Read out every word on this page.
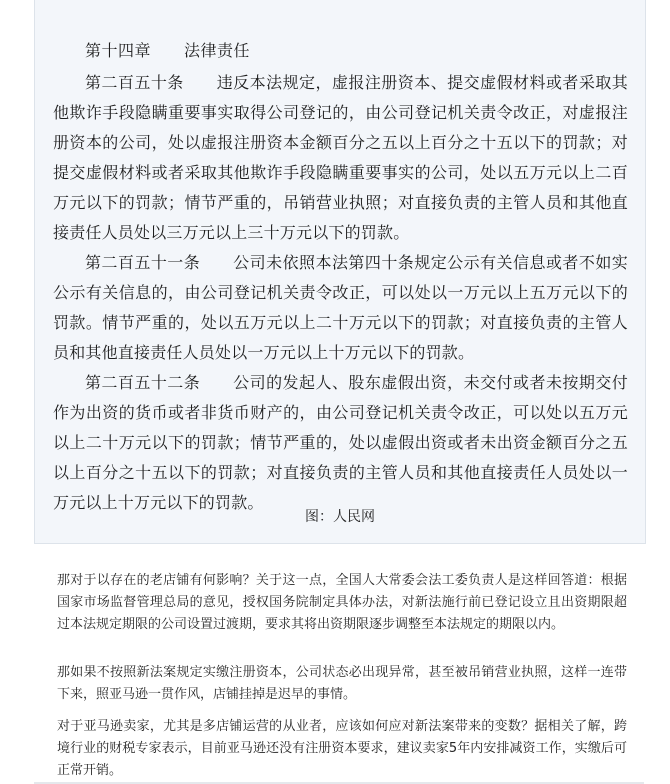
第十四章　　法律责任
第二百五十条　　 违反本法规定，虚报注册资本、提交虚假材料或者采取其他欺诈手段隐瞒重要事实取得公司登记的，由公司登记机关责令改正，对虚报注册资本的公司，处以虚报注册资本金额百分之五以上百分之十五以下的罚款；对提交虚假材料或者采取其他欺诈手段隐瞒重要事实的公司，处以五万元以上二百万元以下的罚款；情节严重的，吊销营业执照；对直接负责的主管人员和其他直接责任人员处以三万元以上三十万元以下的罚款。
第二百五十一条　　 公司未依照本法第四十条规定公示有关信息或者不如实公示有关信息的，由公司登记机关责令改正，可以处以一万元以上五万元以下的罚款。情节严重的，处以五万元以上二十万元以下的罚款；对直接负责的主管人员和其他直接责任人员处以一万元以上十万元以下的罚款。
第二百五十二条　　 公司的发起人、股东虚假出资，未交付或者未按期交付作为出资的货币或者非货币财产的，由公司登记机关责令改正，可以处以五万元以上二十万元以下的罚款；情节严重的，处以虚假出资或者未出资金额百分之五以上百分之十五以下的罚款；对直接负责的主管人员和其他直接责任人员处以一万元以上十万元以下的罚款。
图：人民网
那对于以存在的老店铺有何影响？关于这一点，全国人大常委会法工委负责人是这样回答道：根据国家市场监督管理总局的意见，授权国务院制定具体办法，对新法施行前已登记设立且出资期限超过本法规定期限的公司设置过渡期，要求其将出资期限逐步调整至本法规定的期限以内。
那如果不按照新法案规定实缴注册资本，公司状态必出现异常，甚至被吊销营业执照，这样一连带下来，照亚马逊一贯作风，店铺挂掉是迟早的事情。
对于亚马逊卖家，尤其是多店铺运营的从业者，应该如何应对新法案带来的变数？据相关了解，跨境行业的财税专家表示，目前亚马逊还没有注册资本要求，建议卖家5年内安排减资工作，实缴后可正常开销。
